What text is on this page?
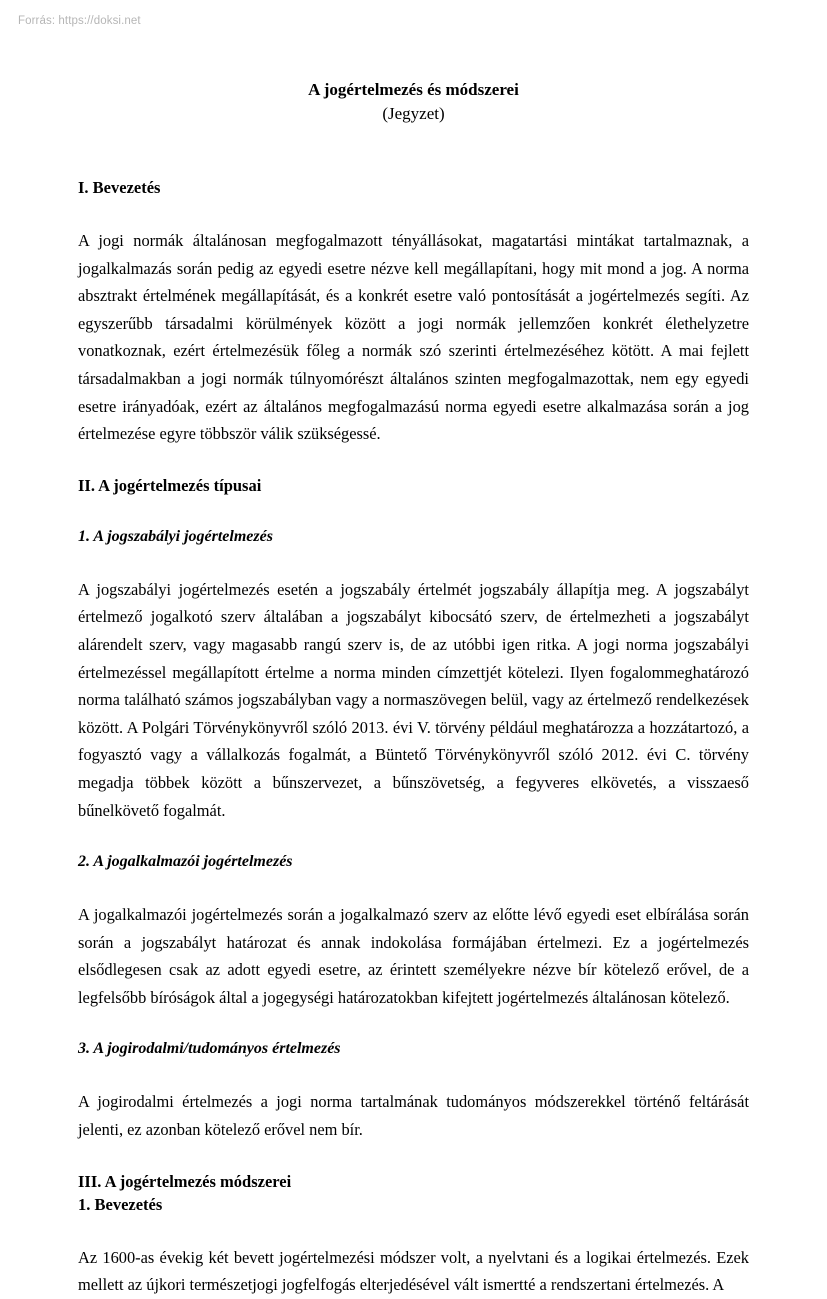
Forrás: https://doksi.net
A jogértelmezés és módszerei
(Jegyzet)
I. Bevezetés

A jogi normák általánosan megfogalmazott tényállásokat, magatartási mintákat tartalmaznak, a jogalkalmazás során pedig az egyedi esetre nézve kell megállapítani, hogy mit mond a jog. A norma absztrakt értelmének megállapítását, és a konkrét esetre való pontosítását a jogértelmezés segíti. Az egyszerűbb társadalmi körülmények között a jogi normák jellemzően konkrét élethelyzetre vonatkoznak, ezért értelmezésük főleg a normák szó szerinti értelmezéséhez kötött. A mai fejlett társadalmakban a jogi normák túlnyomórészt általános szinten megfogalmazottak, nem egy egyedi esetre irányadóak, ezért az általános megfogalmazású norma egyedi esetre alkalmazása során a jog értelmezése egyre többször válik szükségessé.

II. A jogértelmezés típusai
1. A jogszabályi jogértelmezés

A jogszabályi jogértelmezés esetén a jogszabály értelmét jogszabály állapítja meg. A jogszabályt értelmező jogalkotó szerv általában a jogszabályt kibocsátó szerv, de értelmezheti a jogszabályt alárendelt szerv, vagy magasabb rangú szerv is, de az utóbbi igen ritka. A jogi norma jogszabályi értelmezéssel megállapított értelme a norma minden címzettjét kötelezi. Ilyen fogalommeghatározó norma található számos jogszabályban vagy a normaszövegen belül, vagy az értelmező rendelkezések között. A Polgári Törvénykönyvről szóló 2013. évi V. törvény például meghatározza a hozzátartozó, a fogyasztó vagy a vállalkozás fogalmát, a Büntető Törvénykönyvről szóló 2012. évi C. törvény megadja többek között a bűnszervezet, a bűnszövetség, a fegyveres elkövetés, a visszaeső bűnelkövető fogalmát.

2. A jogalkalmazói jogértelmezés

A jogalkalmazói jogértelmezés során a jogalkalmazó szerv az előtte lévő egyedi eset elbírálása során során a jogszabályt határozat és annak indokolása formájában értelmezi. Ez a jogértelmezés elsődlegesen csak az adott egyedi esetre, az érintett személyekre nézve bír kötelező erővel, de a legfelsőbb bíróságok által a jogegységi határozatokban kifejtett jogértelmezés általánosan kötelező.

3. A jogirodalmi/tudományos értelmezés

A jogirodalmi értelmezés a jogi norma tartalmának tudományos módszerekkel történő feltárását jelenti, ez azonban kötelező erővel nem bír.

III. A jogértelmezés módszerei
1. Bevezetés

Az 1600-as évekig két bevett jogértelmezési módszer volt, a nyelvtani és a logikai értelmezés. Ezek mellett az újkori természetjogi jogfelfogás elterjedésével vált ismertté a rendszertani értelmezés. A
